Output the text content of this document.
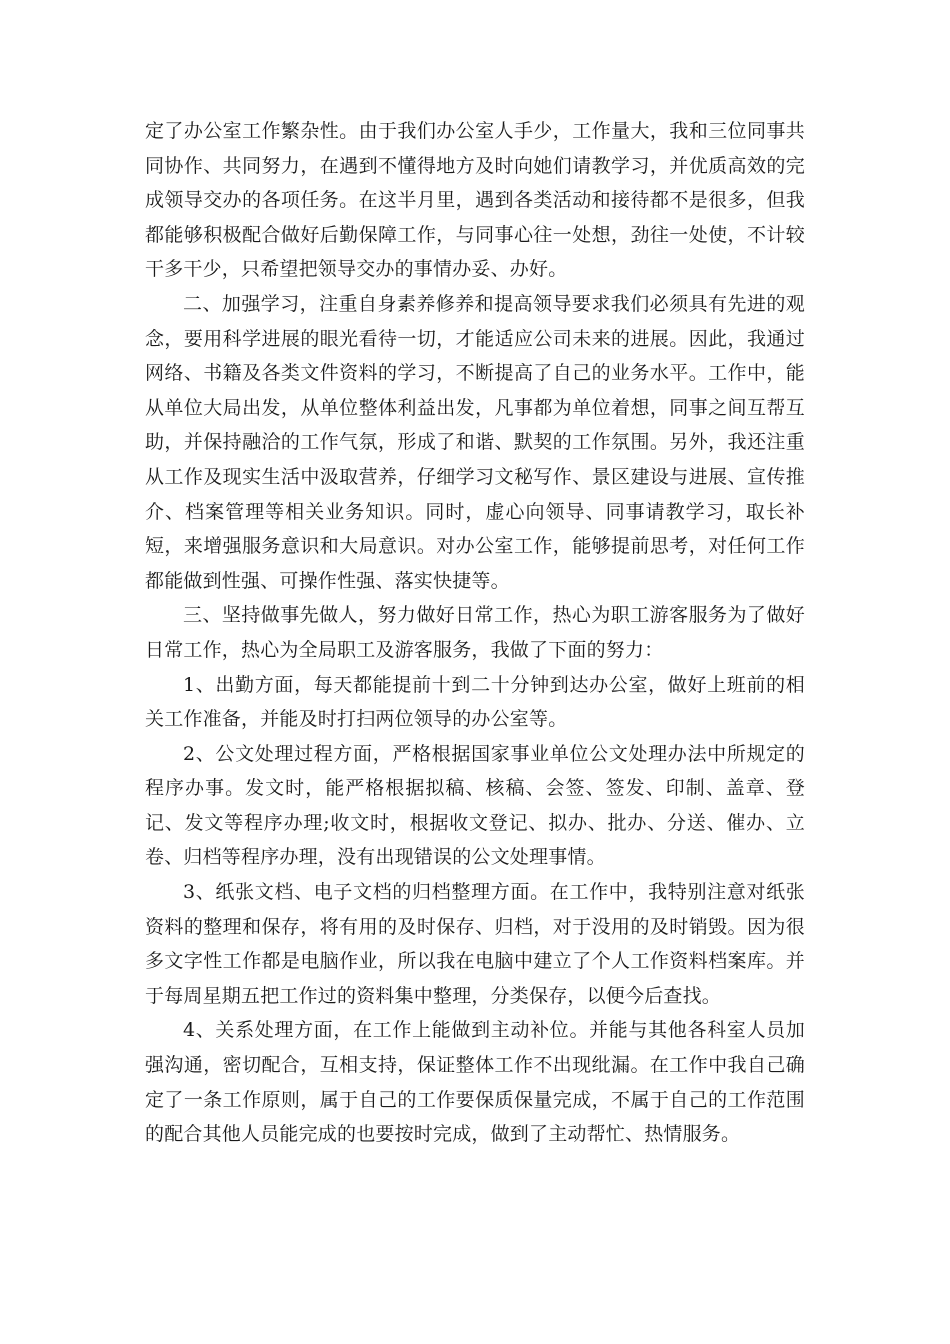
定了办公室工作繁杂性。由于我们办公室人手少，工作量大，我和三位同事共同协作、共同努力，在遇到不懂得地方及时向她们请教学习，并优质高效的完成领导交办的各项任务。在这半月里，遇到各类活动和接待都不是很多，但我都能够积极配合做好后勤保障工作，与同事心往一处想，劲往一处使，不计较干多干少，只希望把领导交办的事情办妥、办好。

二、加强学习，注重自身素养修养和提高领导要求我们必须具有先进的观念，要用科学进展的眼光看待一切，才能适应公司未来的进展。因此，我通过网络、书籍及各类文件资料的学习，不断提高了自己的业务水平。工作中，能从单位大局出发，从单位整体利益出发，凡事都为单位着想，同事之间互帮互助，并保持融洽的工作气氛，形成了和谐、默契的工作氛围。另外，我还注重从工作及现实生活中汲取营养，仔细学习文秘写作、景区建设与进展、宣传推介、档案管理等相关业务知识。同时，虚心向领导、同事请教学习，取长补短，来增强服务意识和大局意识。对办公室工作，能够提前思考，对任何工作都能做到性强、可操作性强、落实快捷等。

三、坚持做事先做人，努力做好日常工作，热心为职工游客服务为了做好日常工作，热心为全局职工及游客服务，我做了下面的努力：

1、出勤方面，每天都能提前十到二十分钟到达办公室，做好上班前的相关工作准备，并能及时打扫两位领导的办公室等。

2、公文处理过程方面，严格根据国家事业单位公文处理办法中所规定的程序办事。发文时，能严格根据拟稿、核稿、会签、签发、印制、盖章、登记、发文等程序办理;收文时，根据收文登记、拟办、批办、分送、催办、立卷、归档等程序办理，没有出现错误的公文处理事情。

3、纸张文档、电子文档的归档整理方面。在工作中，我特别注意对纸张资料的整理和保存，将有用的及时保存、归档，对于没用的及时销毁。因为很多文字性工作都是电脑作业，所以我在电脑中建立了个人工作资料档案库。并于每周星期五把工作过的资料集中整理，分类保存，以便今后查找。

4、关系处理方面，在工作上能做到主动补位。并能与其他各科室人员加强沟通，密切配合，互相支持，保证整体工作不出现纰漏。在工作中我自己确定了一条工作原则，属于自己的工作要保质保量完成，不属于自己的工作范围的配合其他人员能完成的也要按时完成，做到了主动帮忙、热情服务。
